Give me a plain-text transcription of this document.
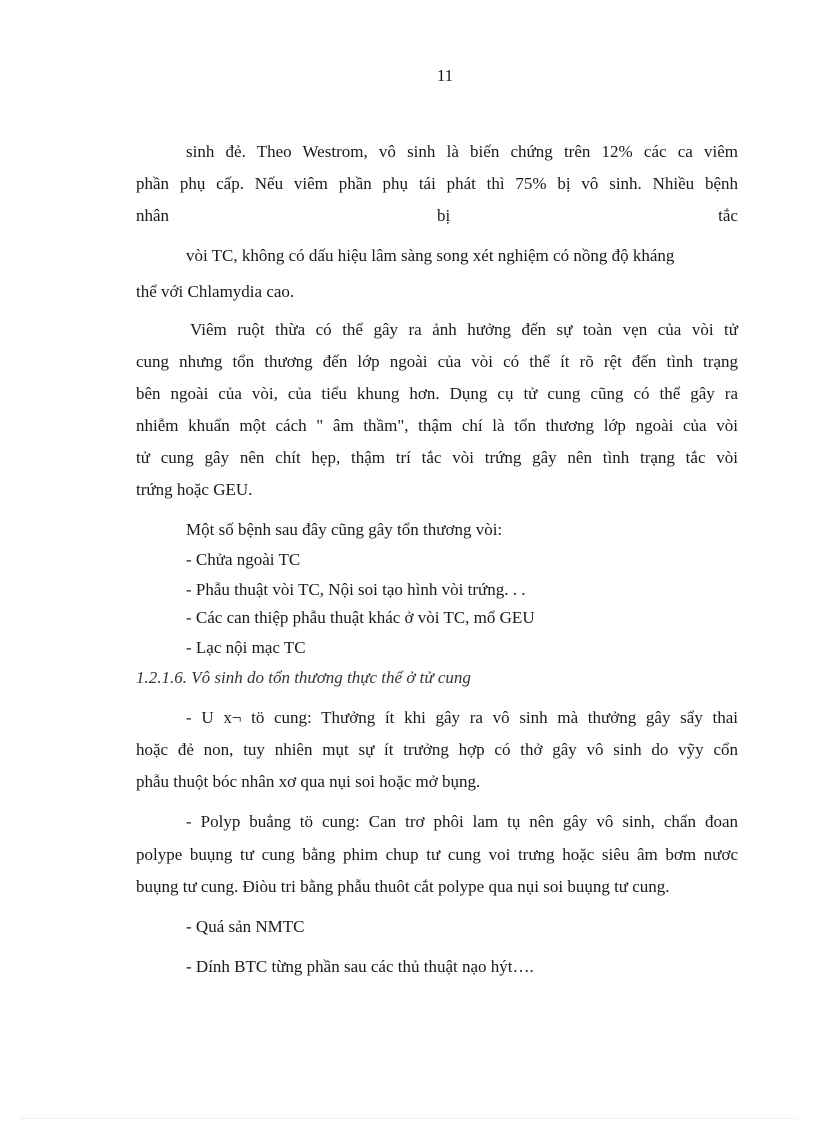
11
sinh đẻ. Theo Westrom, vô sinh là biến chứng trên 12% các ca viêm
phần phụ cấp. Nếu viêm phần phụ tái phát thì 75% bị vô sinh. Nhiều bệnh
nhân	bị	tắc
vòi TC, không có dấu hiệu lâm sàng song xét nghiệm có nồng độ kháng
thể với Chlamydia cao.
Viêm ruột thừa có thể gây ra ảnh hưởng đến sự toàn vẹn của vòi tử
cung nhưng tổn thương đến lớp ngoài của vòi có thể ít rõ rệt đến tình trạng
bên ngoài của vòi, của tiểu khung hơn. Dụng cụ tử cung cũng có thể gây ra
nhiễm khuẩn một cách " âm thầm", thậm chí là tổn thương lớp ngoài của vòi
tử cung gây nên chít hẹp, thậm trí tắc vòi trứng gây nên tình trạng tắc vòi
trứng hoặc GEU.
Một số bệnh sau đây cũng gây tổn thương vòi:
- Chửa ngoài TC
- Phẫu thuật vòi TC, Nội soi tạo hình vòi trứng. . .
- Các can thiệp phẫu thuật khác ở vòi TC, mổ GEU
- Lạc nội mạc TC
1.2.1.6. Vô sinh do tổn thương thực thể ở tử cung
- U x¬ tö cung: Thưởng ít khi gây ra vô sinh mà thưởng gây sẩy thai
hoặc đẻ non, tuy nhiên mụt sự ít trưởng hợp có thở gây vô sinh do vỹy cổn
phẫu thuột bóc nhân xơ qua nụi soi hoặc mở bụng.
- Polyp buẳng tö cung: Can trơ phôi lam tụ nên gây vô sinh, chẩn đoan
polype buụng tư cung bằng phim chup tư cung voi trưng hoặc siêu âm bơm nươc
buụng tư cung. Điòu tri bằng phẫu thuôt cắt polype qua nụi soi buụng tư cung.
- Quá sản NMTC
- Dính BTC từng phần sau các thủ thuật nạo hýt….
